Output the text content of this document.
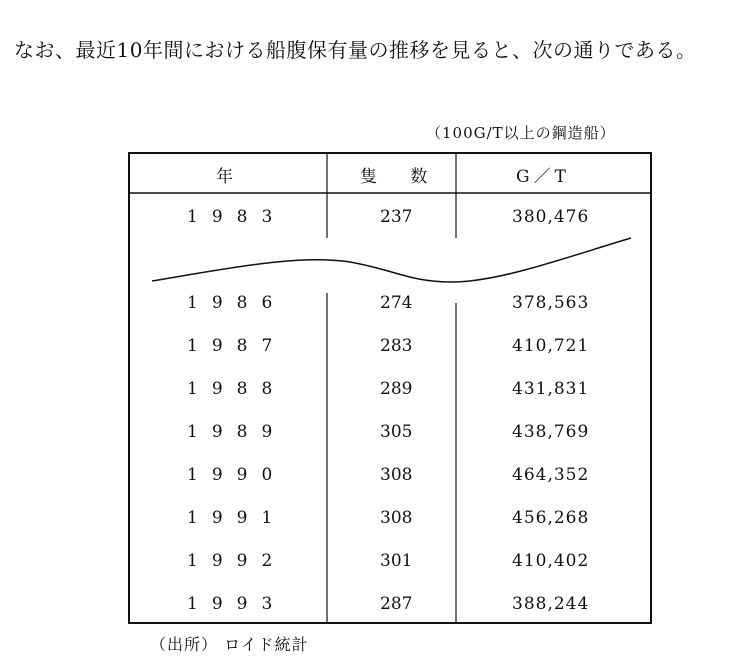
なお、最近10年間における船腹保有量の推移を見ると、次の通りである。

（100G/T以上の鋼造船）
年	隻 数	G／T
1983	237	380,476
1986	274	378,563
1987	283	410,721
1988	289	431,831
1989	305	438,769
1990	308	464,352
1991	308	456,268
1992	301	410,402
1993	287	388,244
（出所） ロイド統計
